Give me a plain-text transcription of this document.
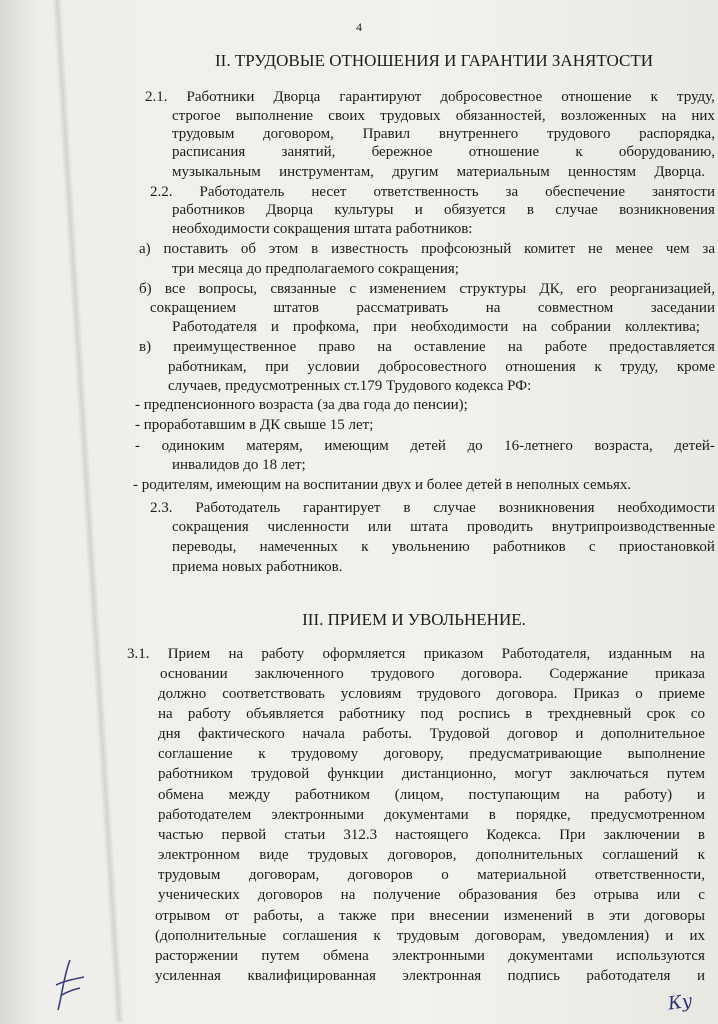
4
II. ТРУДОВЫЕ ОТНОШЕНИЯ И ГАРАНТИИ ЗАНЯТОСТИ
2.1. Работники Дворца гарантируют добросовестное отношение к труду,
строгое выполнение своих трудовых обязанностей, возложенных на них
трудовым договором, Правил внутреннего трудового распорядка,
расписания занятий, бережное отношение к оборудованию,
музыкальным инструментам, другим материальным ценностям Дворца.
2.2. Работодатель несет ответственность за обеспечение занятости
работников Дворца культуры и обязуется в случае возникновения
необходимости сокращения штата работников:
а) поставить об этом в известность профсоюзный комитет не менее чем за
три месяца до предполагаемого сокращения;
б) все вопросы, связанные с изменением структуры ДК, его реорганизацией,
сокращением штатов рассматривать на совместном заседании
Работодателя и профкома, при необходимости на собрании коллектива;
в) преимущественное право на оставление на работе предоставляется
работникам, при условии добросовестного отношения к труду, кроме
случаев, предусмотренных ст.179 Трудового кодекса РФ:
- предпенсионного возраста (за два года до пенсии);
- проработавшим в ДК свыше 15 лет;
- одиноким матерям, имеющим детей до 16-летнего возраста, детей-
инвалидов до 18 лет;
- родителям, имеющим на воспитании двух и более детей в неполных семьях.
2.3. Работодатель гарантирует в случае возникновения необходимости
сокращения численности или штата проводить внутрипроизводственные
переводы, намеченных к увольнению работников с приостановкой
приема новых работников.
III. ПРИЕМ И УВОЛЬНЕНИЕ.
3.1. Прием на работу оформляется приказом Работодателя, изданным на
основании заключенного трудового договора. Содержание приказа
должно соответствовать условиям трудового договора. Приказ о приеме
на работу объявляется работнику под роспись в трехдневный срок со
дня фактического начала работы. Трудовой договор и дополнительное
соглашение к трудовому договору, предусматривающие выполнение
работником трудовой функции дистанционно, могут заключаться путем
обмена между работником (лицом, поступающим на работу) и
работодателем электронными документами в порядке, предусмотренном
частью первой статьи 312.3 настоящего Кодекса. При заключении в
электронном виде трудовых договоров, дополнительных соглашений к
трудовым договорам, договоров о материальной ответственности,
ученических договоров на получение образования без отрыва или с
отрывом от работы, а также при внесении изменений в эти договоры
(дополнительные соглашения к трудовым договорам, уведомления) и их
расторжении путем обмена электронными документами используются
усиленная квалифицированная электронная подпись работодателя и
Ку
